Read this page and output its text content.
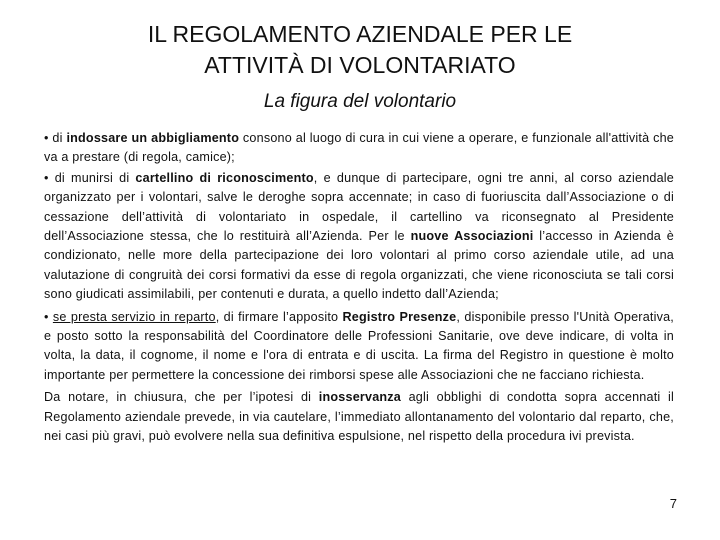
IL REGOLAMENTO AZIENDALE PER LE
ATTIVITÀ DI VOLONTARIATO

La figura del volontario

• di indossare un abbigliamento consono al luogo di cura in cui viene a operare, e funzionale all'attività che va a prestare (di regola, camice);

• di munirsi di cartellino di riconoscimento, e dunque di partecipare, ogni tre anni, al corso aziendale organizzato per i volontari, salve le deroghe sopra accennate; in caso di fuoriuscita dall’Associazione o di cessazione dell’attività di volontariato in ospedale, il cartellino va riconsegnato al Presidente dell’Associazione stessa, che lo restituirà all’Azienda. Per le nuove Associazioni l’accesso in Azienda è condizionato, nelle more della partecipazione dei loro volontari al primo corso aziendale utile, ad una valutazione di congruità dei corsi formativi da esse di regola organizzati, che viene riconosciuta se tali corsi sono giudicati assimilabili, per contenuti e durata, a quello indetto dall’Azienda;

• se presta servizio in reparto, di firmare l’apposito Registro Presenze, disponibile presso l'Unità Operativa, e posto sotto la responsabilità del Coordinatore delle Professioni Sanitarie, ove deve indicare, di volta in volta, la data, il cognome, il nome e l'ora di entrata e di uscita. La firma del Registro in questione è molto importante per permettere la concessione dei rimborsi spese alle Associazioni che ne facciano richiesta.

Da notare, in chiusura, che per l’ipotesi di inosservanza agli obblighi di condotta sopra accennati il Regolamento aziendale prevede, in via cautelare, l’immediato allontanamento del volontario dal reparto, che, nei casi più gravi, può evolvere nella sua definitiva espulsione, nel rispetto della procedura ivi prevista.

7
